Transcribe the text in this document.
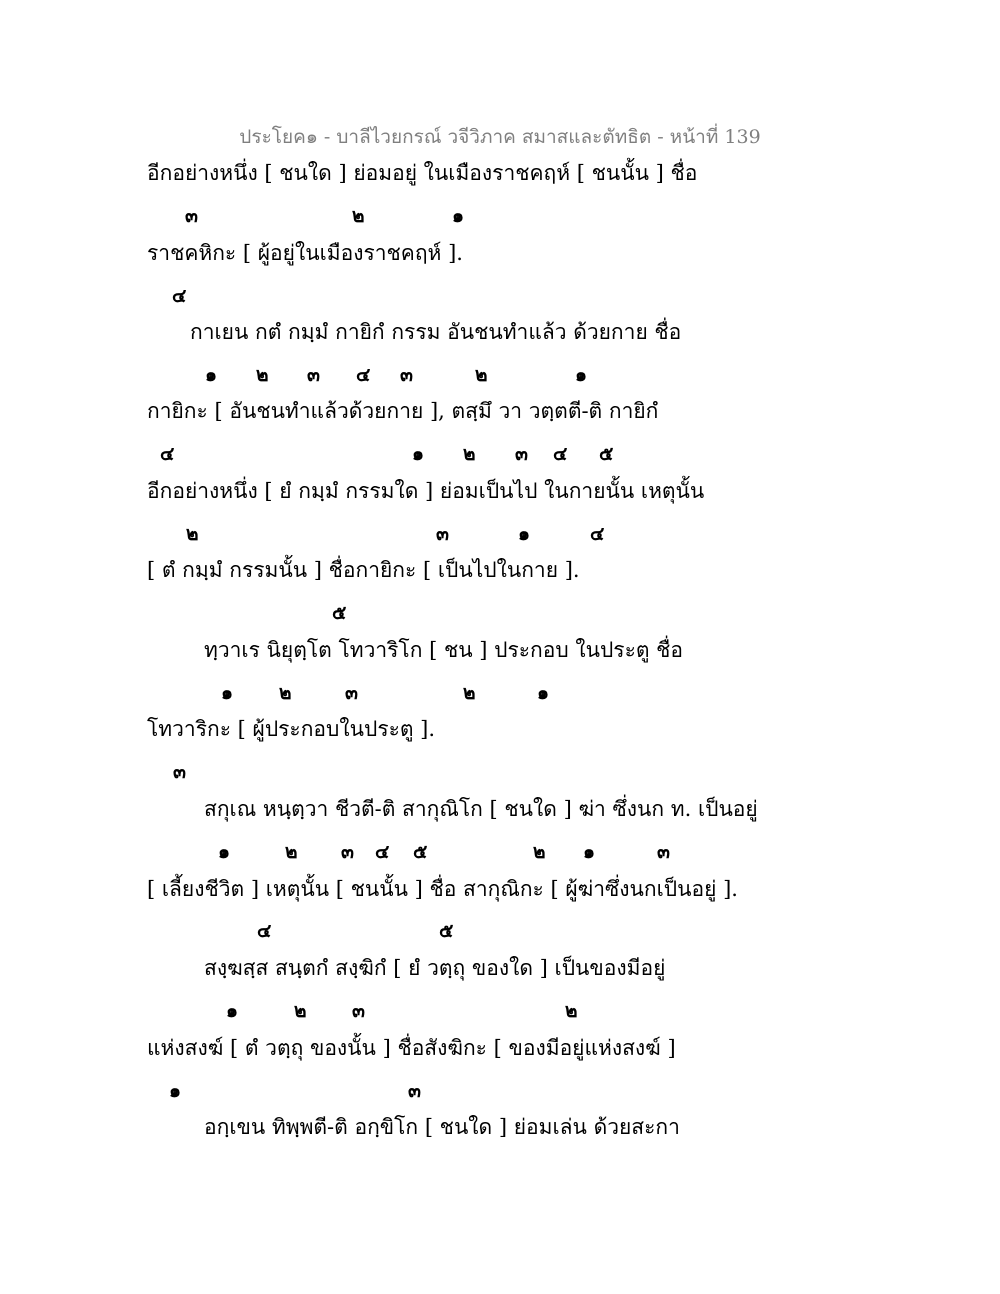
ประโยค๑ - บาลีไวยกรณ์ วจีวิภาค สมาสและตัทธิต - หน้าที่ 139
อีกอย่างหนึ่ง [ ชนใด ] ย่อมอยู่ ในเมืองราชคฤห์ [ ชนนั้น ] ชื่อ
๓	๒	๑
ราชคหิกะ [ ผู้อยู่ในเมืองราชคฤห์ ].
๔
กาเยน กตํ กมฺมํ กายิกํ กรรม อันชนทำแล้ว ด้วยกาย ชื่อ
๑ ๒ ๓ ๔ ๓	๒	๑
กายิกะ [ อันชนทำแล้วด้วยกาย ], ตสฺมึ วา วตฺตตี-ติ กายิกํ
๔	๑ ๒ ๓ ๔ ๕
อีกอย่างหนึ่ง [ ยํ กมฺมํ กรรมใด ] ย่อมเป็นไป ในกายนั้น เหตุนั้น
๒	๓	๑	๔
[ ตํ กมฺมํ กรรมนั้น ] ชื่อกายิกะ [ เป็นไปในกาย ].
๕
ทฺวาเร นิยุตฺโต โทวาริโก [ ชน ] ประกอบ ในประตู ชื่อ
๑ ๒	๓	๒	๑
โทวาริกะ [ ผู้ประกอบในประตู ].
๓
สกุเณ หนฺตฺวา ชีวตี-ติ สากุณิโก [ ชนใด ] ฆ่า ซึ่งนก ท. เป็นอยู่
๑	๒ ๓ ๔ ๕	๒ ๑	๓
[ เลี้ยงชีวิต ] เหตุนั้น [ ชนนั้น ] ชื่อ สากุณิกะ [ ผู้ฆ่าซึ่งนกเป็นอยู่ ].
๔	๕
สงฺฆสฺส สนฺตกํ สงฺฆิกํ [ ยํ วตฺถุ ของใด ] เป็นของมีอยู่
๑	๒ ๓	๒
แห่งสงฆ์ [ ตํ วตฺถุ ของนั้น ] ชื่อสังฆิกะ [ ของมีอยู่แห่งสงฆ์ ]
๑	๓
อกฺเขน ทิพฺพตี-ติ อกฺขิโก [ ชนใด ] ย่อมเล่น ด้วยสะกา
